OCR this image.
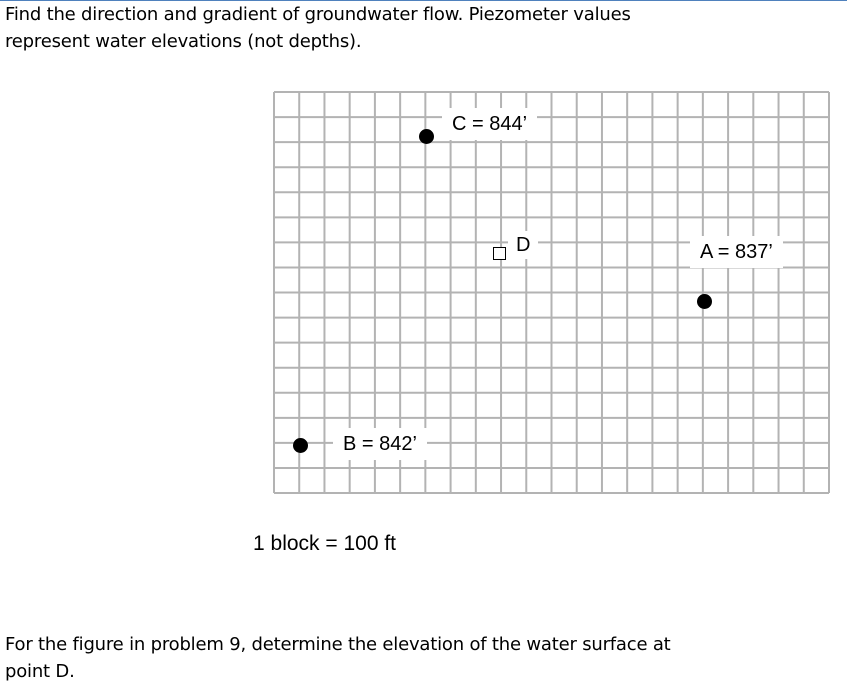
Find the direction and gradient of groundwater flow. Piezometer values
represent water elevations (not depths).
C = 844’
B = 842’
A = 837’
D
1 block = 100 ft
For the figure in problem 9, determine the elevation of the water surface at
point D.
